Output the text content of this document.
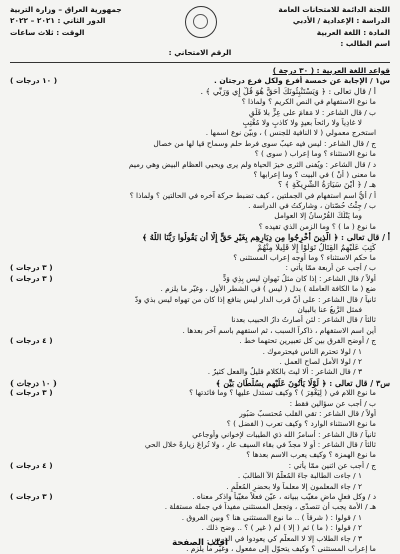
اللجنة الدائمة للامتحانات العامة
الدراسة : الإعدادية / الأدبي
المادة : اللغة العربية
اسم الطالب :
الرقم الامتحاني :
جمهورية العراق – وزارة التربية
الدور الثاني : ٢٠٢١ – ٢٠٢٢
الوقت : ثلاث ساعات
قواعد اللغة العربية : ( ٣٠ درجة )
س١ / الإجابة عن خمسة أفرع ولكل فرع درجتان .
( ١٠ درجات )
أ / قال تعالى : ﴿ وَيَسْتَنْبِئُونَكَ أَحَقٌّ هُوَ قُلْ إِي وَرَبِّي ﴾ .
ما نوع الاستفهام في النص الكريم ؟ ولماذا ؟
ب / قال الشاعر : لا مَقامَ على عِزٍّ بلا قَلَقِ
لا غادِياً ولا رائحاً بعيدٍ ولا كاذبٍ ولا مُغْتِبٍ
استخرج معمولي ( لا النافية للجنس ) ، وبيّن نوع اسمها .
ج / قال الشاعر : ليس فيه عيبٌ سوى فرط حلم وسماح قيا لها من خصال
ما نوع الاستثناء ؟ وما إعراب ( سوى ) ؟
د / قال الشاعر : ويُفنى الثرى خيرَ الحياة ولم يرى ويحيي العظام البيض وهي رميم
ما معنى ( أنْ ) في البيت ؟ وما إعرابها ؟
هـ / ﴿ أَيْنَ سَيَارَةُ الشَّرِيكَةِ ﴾ ؟
أ / أيُّ اسم استفهام في الجملتين ، كيف تضبط حركة آخره في الحالتين ؟ ولماذا ؟
ب / جِئْتُ حُصّتان ، وشاركتُ في الدراسة .
وما يَتْلُكَ القُرْسانُ إلا العوامل
ما نوع ( ما ) ؟ وما الزمن الذي تفيده ؟
أ / قال تعالى : ﴿ الَّذِينَ أُخْرِجُوا مِن دِيَارِهِم بِغَيْرِ حَقٍّ إِلَّا أَن يَقُولُوا رَبُّنَا اللَّهُ ﴾
كُتِبَ عَلَيْهِمُ الْقِتَالُ تَوَلَّوْا إِلَّا قَلِيلًا مِنْهُمْ
ما حكم الاستثناء ؟ وما أوجه إعراب المستثنى ؟
ب / أجب عن أربعة ممّا يأتي :
( ٣ درجات )
أولاً / قال الشاعر : إذا كان مثلُ نَهوانِ ليس بِذِي وَدٍّ
( ٣ درجات )
ضع ( ما الكافة العاملة ) بدل ( ليس ) في الشطر الأول ، وغيّر ما يلزم .
ثانياً / قال الشاعر : على أنّ قرب الدار ليس بنافع إذا كان من تهواه ليس بذي ودّ
فمثل الرَّبعُ عنا بالبيان
ثالثاً / قال الشاعر : لئن أصارتُ دارُ الحبيب بعدنا
أين اسم الاستفهام ، ذاكراً السبب ، ثم استفهم باسم آخر بعدها .
ج / أوضح الفرق بين كل تعبيرين تحتهما خط .
( ٤ درجات )
١ / لولا تحترم الناس فيحترموك .
٢ / لولا الأمل لصاح العمل .
٣ / قال الشاعر : ألا ليتَ بالكلام قليلٌ والفعل كثيرٌ .
س٣ / قال تعالى : ﴿ لَوْلَا يَأْتُونَ عَلَيْهِم بِسُلْطَانٍ بَيِّنٍ ﴾
( ١٠ درجات )
ما نوع اللام في ( لِيَغْفِرَ ) ؟ وكيف تستدل عليها ؟ وما فائدتها ؟
( ٣ درجات )
ب / أجب عن سؤالين فقط :
أولاً / قال الشاعر : تقي القلب مُحتسبٌ صَبُور
ما نوع الاستثناء الوارد ؟ وكيف تعرب ( الفضل ) ؟
ثانياً / قال الشاعر : أسامرُ الله ذي الطيبات لإخواني وأوجاعي
ثالثاً / قال الشاعر : أو لا مجدٌ في بقاء السيف عارٍ ، ولا تُراعَ زيارةً خلال الحي
ما نوع الهمزة ؟ وكيف يعرب الاسم بعدها ؟
ج / أجب عن اثنين ممّا يأتي :
( ٤ درجات )
١ / جاءت الطالبة جاءَ المُعلّمُ الآ الطالبَ .
٢ / جاء المعلمون إلا معلماً ولا بحضرِ المُعلِّمِ .
د / وكل فعلٍ ماضٍ مغيّب ببيانه ، عيّن فعلاً مغيّباً واذكر معناه .
( ٣ درجات )
هـ / الأمة يجب أن تتصدّى ، وتجعل المستثنى مفيداً في جملة مستقلة .
١ / قولوا : ( شرقاً ) .. ما نوع المستثنى هنا ؟ وبين الفروق .
٢ / قولوا : ( ما ) ثم ( إلا ) لم ( غير ) ؟ .. وضح ذلك .
٣ / جاء الطلاب إلا لا المعلّم كي يعودوا في الدرس .
ما إعراب المستثنى ؟ وكيف يتحوّل إلى مفعول ، وغيّر ما يلزم .
اقلب الصفحة
